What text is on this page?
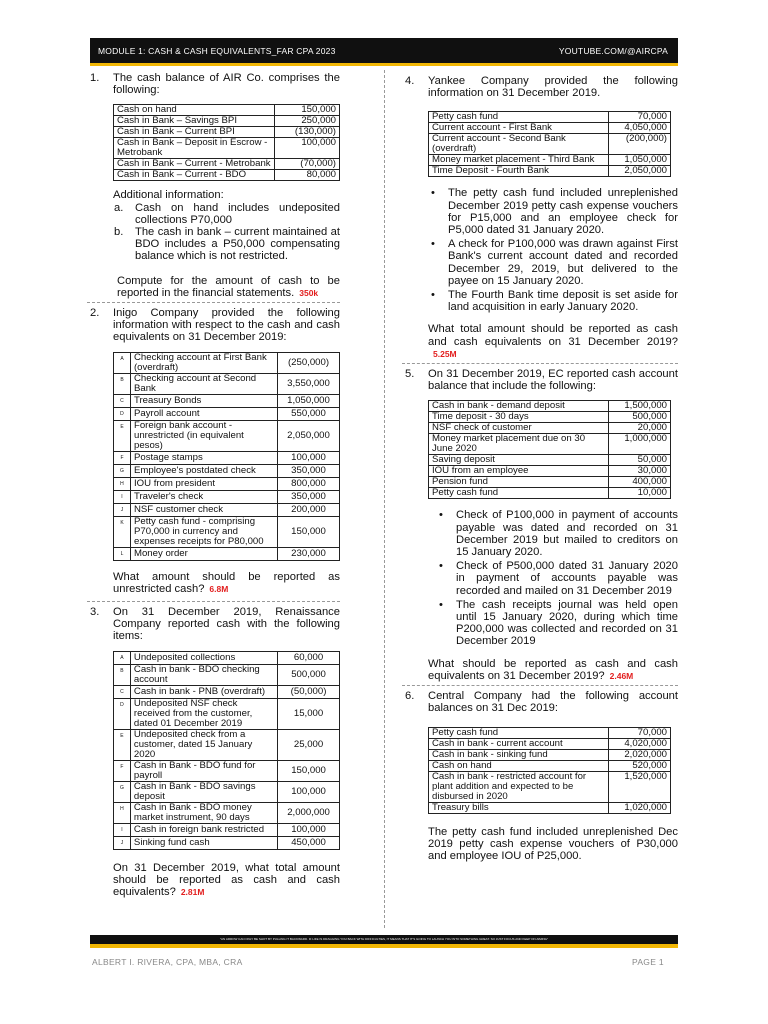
MODULE 1: CASH & CASH EQUIVALENTS_FAR CPA 2023	YOUTUBE.COM/@AIRCPA
1. The cash balance of AIR Co. comprises the following:
Cash on hand	150,000
Cash in Bank – Savings BPI	250,000
Cash in Bank – Current BPI	(130,000)
Cash in Bank – Deposit in Escrow - Metrobank	100,000
Cash in Bank – Current - Metrobank	(70,000)
Cash in Bank – Current - BDO	80,000
Additional information:
a. Cash on hand includes undeposited collections P70,000
b. The cash in bank – current maintained at BDO includes a P50,000 compensating balance which is not restricted.
Compute for the amount of cash to be reported in the financial statements. 350k
2. Inigo Company provided the following information with respect to the cash and cash equivalents on 31 December 2019:
A	Checking account at First Bank (overdraft)	(250,000)
B	Checking account at Second Bank	3,550,000
C	Treasury Bonds	1,050,000
D	Payroll account	550,000
E	Foreign bank account - unrestricted (in equivalent pesos)	2,050,000
F	Postage stamps	100,000
G	Employee's postdated check	350,000
H	IOU from president	800,000
I	Traveler's check	350,000
J	NSF customer check	200,000
K	Petty cash fund - comprising P70,000 in currency and expenses receipts for P80,000	150,000
L	Money order	230,000
What amount should be reported as unrestricted cash? 6.8M
3. On 31 December 2019, Renaissance Company reported cash with the following items:
A	Undeposited collections	60,000
B	Cash in bank - BDO checking account	500,000
C	Cash in bank - PNB (overdraft)	(50,000)
D	Undeposited NSF check received from the customer, dated 01 December 2019	15,000
E	Undeposited check from a customer, dated 15 January 2020	25,000
F	Cash in Bank - BDO fund for payroll	150,000
G	Cash in Bank - BDO savings deposit	100,000
H	Cash in Bank - BDO money market instrument, 90 days	2,000,000
I	Cash in foreign bank restricted	100,000
J	Sinking fund cash	450,000
On 31 December 2019, what total amount should be reported as cash and cash equivalents? 2.81M
4. Yankee Company provided the following information on 31 December 2019.
Petty cash fund	70,000
Current account - First Bank	4,050,000
Current account - Second Bank (overdraft)	(200,000)
Money market placement - Third Bank	1,050,000
Time Deposit - Fourth Bank	2,050,000
• The petty cash fund included unreplenished December 2019 petty cash expense vouchers for P15,000 and an employee check for P5,000 dated 31 January 2020.
• A check for P100,000 was drawn against First Bank's current account dated and recorded December 29, 2019, but delivered to the payee on 15 January 2020.
• The Fourth Bank time deposit is set aside for land acquisition in early January 2020.
What total amount should be reported as cash and cash equivalents on 31 December 2019?5.25M
5. On 31 December 2019, EC reported cash account balance that include the following:
Cash in bank - demand deposit	1,500,000
Time deposit - 30 days	500,000
NSF check of customer	20,000
Money market placement due on 30 June 2020	1,000,000
Saving deposit	50,000
IOU from an employee	30,000
Pension fund	400,000
Petty cash fund	10,000
• Check of P100,000 in payment of accounts payable was dated and recorded on 31 December 2019 but mailed to creditors on 15 January 2020.
• Check of P500,000 dated 31 January 2020 in payment of accounts payable was recorded and mailed on 31 December 2019
• The cash receipts journal was held open until 15 January 2020, during which time P200,000 was collected and recorded on 31 December 2019
What should be reported as cash and cash equivalents on 31 December 2019? 2.46M
6. Central Company had the following account balances on 31 Dec 2019:
Petty cash fund	70,000
Cash in bank - current account	4,020,000
Cash in bank - sinking fund	2,020,000
Cash on hand	520,000
Cash in bank - restricted account for plant addition and expected to be disbursed in 2020	1,520,000
Treasury bills	1,020,000
The petty cash fund included unreplenished Dec 2019 petty cash expense vouchers of P30,000 and employee IOU of P25,000.
"AN ARROW CAN ONLY BE SHOT BY PULLING IT BACKWARD. IF LIFE IS DRAGGING YOU BACK WITH DIFFICULTIES, IT MEANS THAT IT'S GOING TO LAUNCH YOU INTO SOMETHING GREAT. SO JUST FOCUS AND KEEP ON AIMING"
ALBERT I. RIVERA, CPA, MBA, CRA	PAGE 1
